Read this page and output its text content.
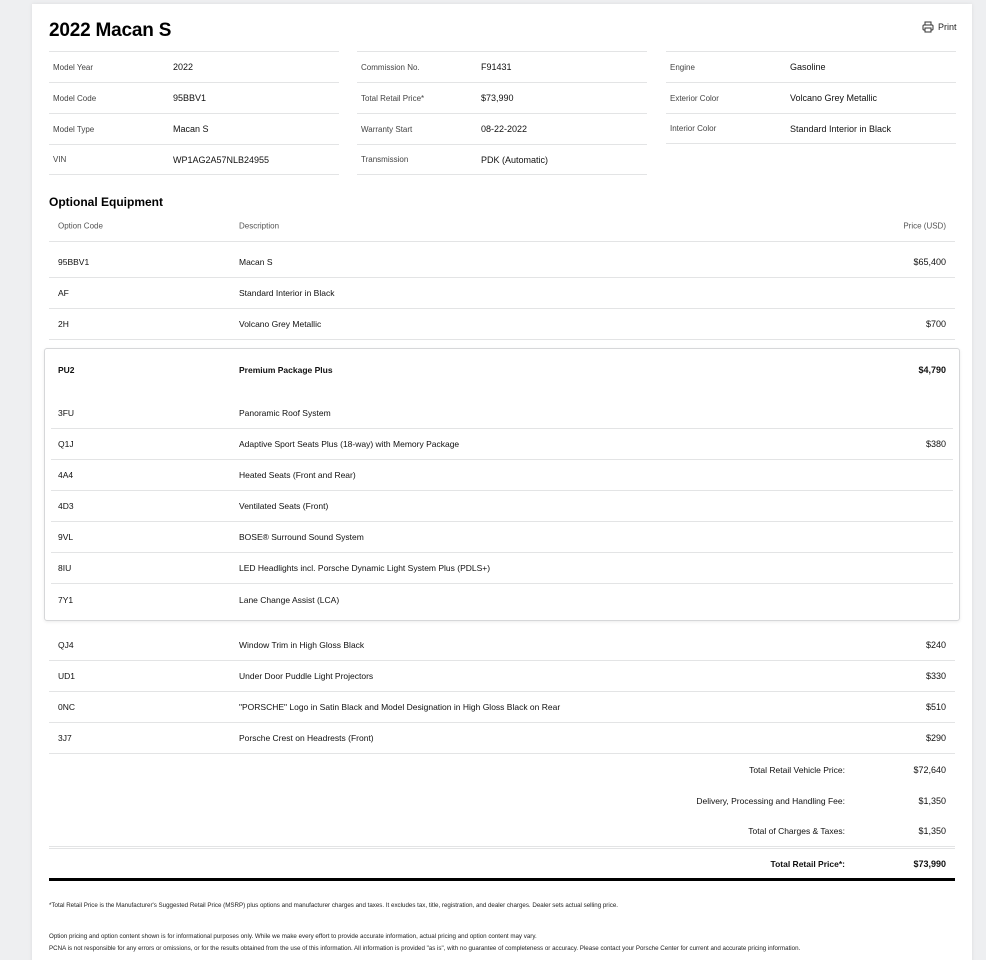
2022 Macan S	Print
Model Year	2022
Model Code	95BBV1
Model Type	Macan S
VIN	WP1AG2A57NLB24955
Commission No.	F91431
Total Retail Price*	$73,990
Warranty Start	08-22-2022
Transmission	PDK (Automatic)
Engine	Gasoline
Exterior Color	Volcano Grey Metallic
Interior Color	Standard Interior in Black
Optional Equipment
Option Code	Description	Price (USD)
95BBV1	Macan S	$65,400
AF	Standard Interior in Black
2H	Volcano Grey Metallic	$700
PU2	Premium Package Plus	$4,790
3FU	Panoramic Roof System
Q1J	Adaptive Sport Seats Plus (18-way) with Memory Package	$380
4A4	Heated Seats (Front and Rear)
4D3	Ventilated Seats (Front)
9VL	BOSE® Surround Sound System
8IU	LED Headlights incl. Porsche Dynamic Light System Plus (PDLS+)
7Y1	Lane Change Assist (LCA)
QJ4	Window Trim in High Gloss Black	$240
UD1	Under Door Puddle Light Projectors	$330
0NC	"PORSCHE" Logo in Satin Black and Model Designation in High Gloss Black on Rear	$510
3J7	Porsche Crest on Headrests (Front)	$290
Total Retail Vehicle Price:	$72,640
Delivery, Processing and Handling Fee:	$1,350
Total of Charges & Taxes:	$1,350
Total Retail Price*:	$73,990
*Total Retail Price is the Manufacturer's Suggested Retail Price (MSRP) plus options and manufacturer charges and taxes. It excludes tax, title, registration, and dealer charges. Dealer sets actual selling price.
Option pricing and option content shown is for informational purposes only. While we make every effort to provide accurate information, actual pricing and option content may vary.
PCNA is not responsible for any errors or omissions, or for the results obtained from the use of this information. All information is provided "as is", with no guarantee of completeness or accuracy. Please contact your Porsche Center for current and accurate pricing information.
